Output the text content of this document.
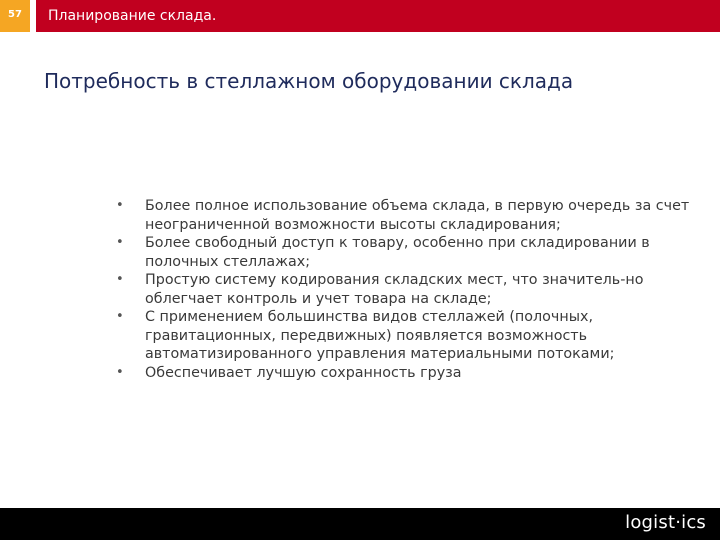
57	Планирование склада.
Потребность в стеллажном оборудовании склада
• Более полное использование объема склада, в первую очередь за счет неограниченной возможности высоты складирования;
• Более свободный доступ к товару, особенно при складировании в полочных стеллажах;
• Простую систему кодирования складских мест, что значитель-но облегчает контроль и учет товара на складе;
• С применением большинства видов стеллажей (полочных, гравитационных, передвижных) появляется возможность автоматизированного управления материальными потоками;
• Обеспечивает лучшую сохранность груза
logist·ics
